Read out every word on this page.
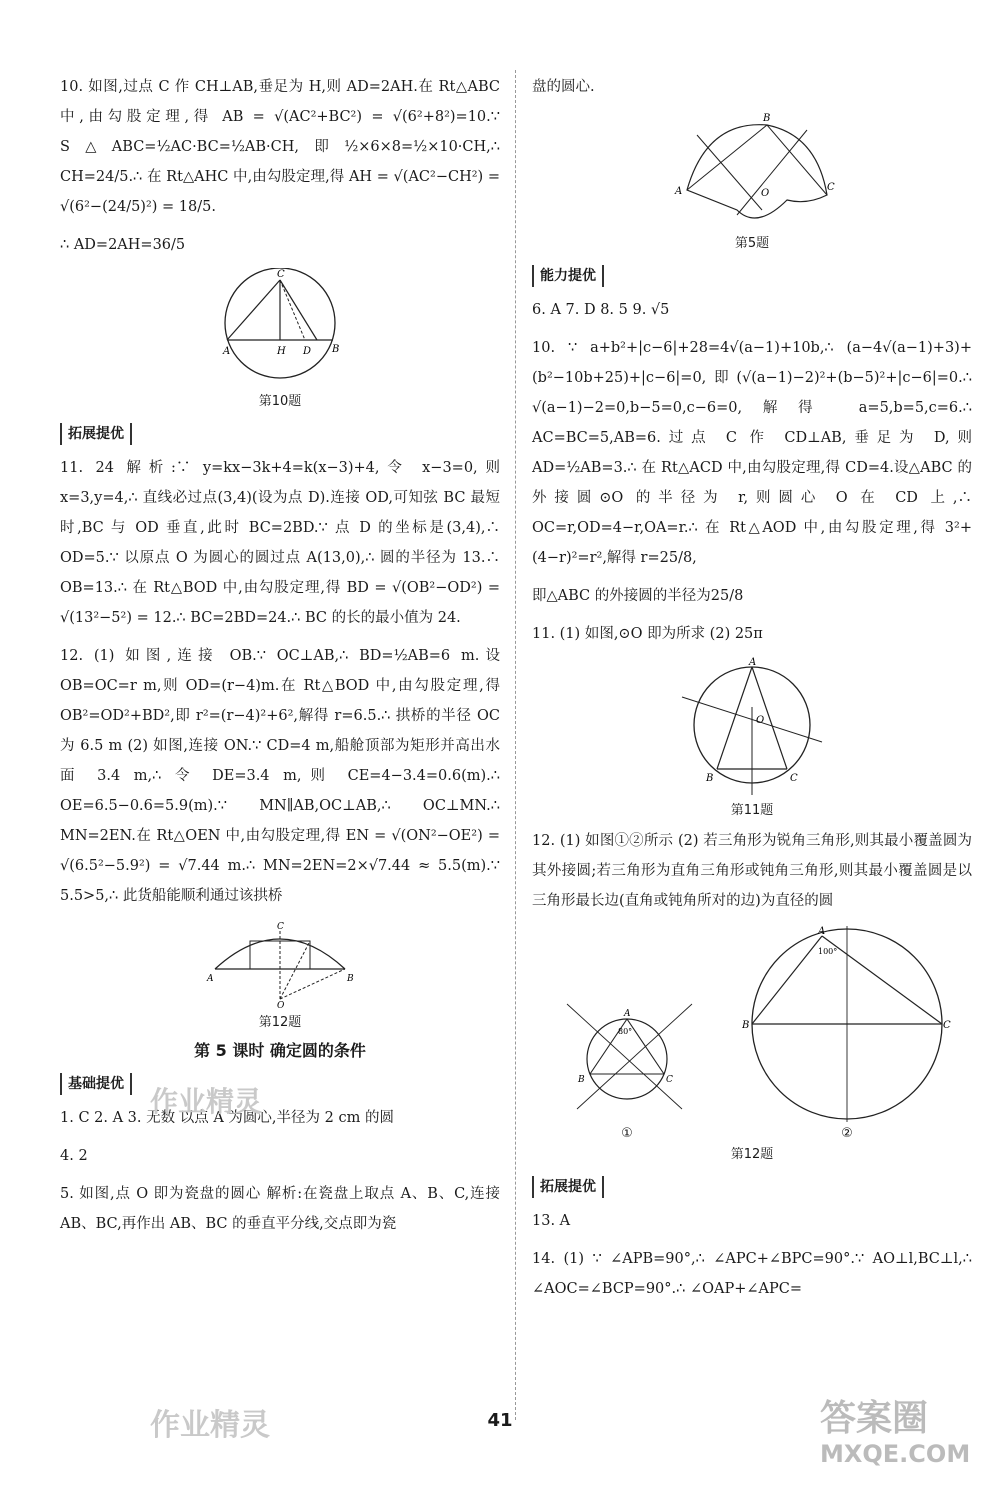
10. 如图,过点 C 作 CH⊥AB,垂足为 H,则 AD=2AH.在 Rt△ABC 中,由勾股定理,得 AB = √(AC²+BC²) = √(6²+8²)=10.∵ S△ABC=½AC·BC=½AB·CH,即½×6×8=½×10·CH,∴ CH=24/5.∴ 在 Rt△AHC 中,由勾股定理,得 AH = √(AC²−CH²) = √(6²−(24/5)²) = 18/5.

∴ AD=2AH=36/5

A	H D B
C
第10题
拓展提优

11. 24 解析:∵ y=kx−3k+4=k(x−3)+4,令 x−3=0,则 x=3,y=4,∴ 直线必过点(3,4)(设为点 D).连接 OD,可知弦 BC 最短时,BC 与 OD 垂直,此时 BC=2BD.∵ 点 D 的坐标是(3,4),∴ OD=5.∵ 以原点 O 为圆心的圆过点 A(13,0),∴ 圆的半径为 13.∴ OB=13.∴ 在 Rt△BOD 中,由勾股定理,得 BD = √(OB²−OD²) = √(13²−5²) = 12.∴ BC=2BD=24.∴ BC 的长的最小值为 24.

12. (1) 如图,连接 OB.∵ OC⊥AB,∴ BD=½AB=6 m.设 OB=OC=r m,则 OD=(r−4)m.在 Rt△BOD 中,由勾股定理,得 OB²=OD²+BD²,即 r²=(r−4)²+6²,解得 r=6.5.∴ 拱桥的半径 OC 为 6.5 m (2) 如图,连接 ON.∵ CD=4 m,船舱顶部为矩形并高出水面 3.4 m,∴ 令 DE=3.4 m,则 CE=4−3.4=0.6(m).∴ OE=6.5−0.6=5.9(m).∵ MN∥AB,OC⊥AB,∴ OC⊥MN.∴ MN=2EN.在 Rt△OEN 中,由勾股定理,得 EN = √(ON²−OE²) = √(6.5²−5.9²) = √7.44 m.∴ MN=2EN=2×√7.44 ≈ 5.5(m).∵ 5.5>5,∴ 此货船能顺利通过该拱桥

A	B
C
O
第12题
第 5 课时 确定圆的条件
基础提优

1. C 2. A 3. 无数 以点 A 为圆心,半径为 2 cm 的圆

4. 2

5. 如图,点 O 即为瓷盘的圆心 解析:在瓷盘上取点 A、B、C,连接 AB、BC,再作出 AB、BC 的垂直平分线,交点即为瓷

盘的圆心.

A
B
C
O
第5题
能力提优

6. A 7. D 8. 5 9. √5

10. ∵ a+b²+|c−6|+28=4√(a−1)+10b,∴ (a−4√(a−1)+3)+(b²−10b+25)+|c−6|=0,即(√(a−1)−2)²+(b−5)²+|c−6|=0.∴ √(a−1)−2=0,b−5=0,c−6=0,解得 a=5,b=5,c=6.∴ AC=BC=5,AB=6.过点 C 作 CD⊥AB,垂足为 D,则 AD=½AB=3.∴ 在 Rt△ACD 中,由勾股定理,得 CD=4.设△ABC 的外接圆⊙O 的半径为 r,则圆心 O 在 CD 上,∴ OC=r,OD=4−r,OA=r.∴ 在 Rt△AOD 中,由勾股定理,得 3²+(4−r)²=r²,解得 r=25/8,

即△ABC 的外接圆的半径为25/8

11. (1) 如图,⊙O 即为所求 (2) 25π

A
B	C
O
第11题

12. (1) 如图①②所示 (2) 若三角形为锐角三角形,则其最小覆盖圆为其外接圆;若三角形为直角三角形或钝角三角形,则其最小覆盖圆是以三角形最长边(直角或钝角所对的边)为直径的圆

A
B	C
80°
①
B	C
A
100°
②
第12题
拓展提优

13. A

14. (1) ∵ ∠APB=90°,∴ ∠APC+∠BPC=90°.∵ AO⊥l,BC⊥l,∴ ∠AOC=∠BCP=90°.∴ ∠OAP+∠APC=

41
作业精灵
作业精灵	答案圈
MXQE.COM
